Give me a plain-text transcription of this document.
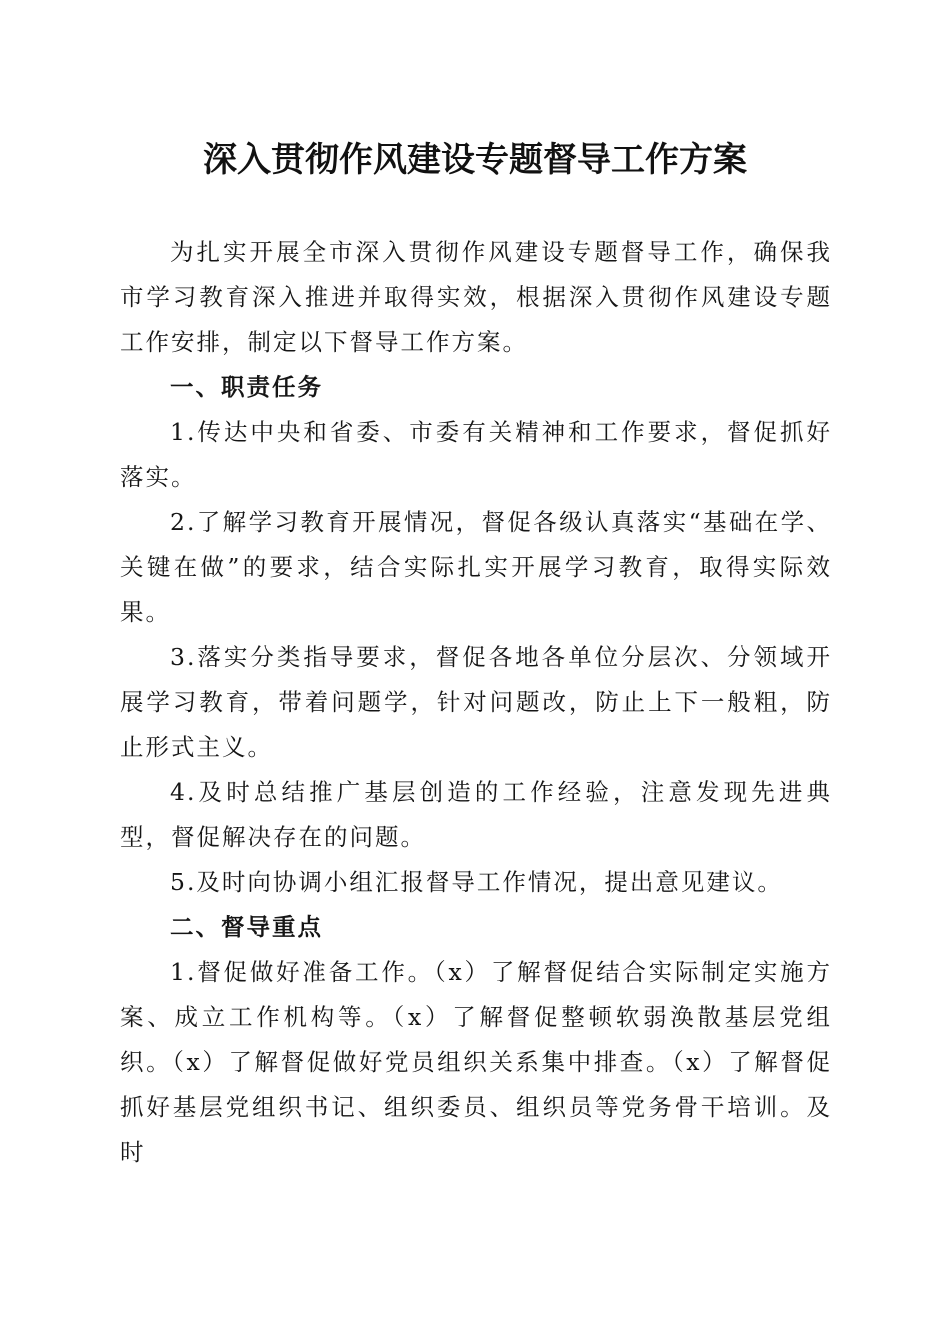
深入贯彻作风建设专题督导工作方案

为扎实开展全市深入贯彻作风建设专题督导工作，确保我市学习教育深入推进并取得实效，根据深入贯彻作风建设专题工作安排，制定以下督导工作方案。

一、职责任务

1.传达中央和省委、市委有关精神和工作要求，督促抓好落实。

2.了解学习教育开展情况，督促各级认真落实“基础在学、关键在做”的要求，结合实际扎实开展学习教育，取得实际效果。

3.落实分类指导要求，督促各地各单位分层次、分领域开展学习教育，带着问题学，针对问题改，防止上下一般粗，防止形式主义。

4.及时总结推广基层创造的工作经验，注意发现先进典型，督促解决存在的问题。

5.及时向协调小组汇报督导工作情况，提出意见建议。

二、督导重点

1.督促做好准备工作。（x）了解督促结合实际制定实施方案、成立工作机构等。（x）了解督促整顿软弱涣散基层党组织。（x）了解督促做好党员组织关系集中排查。（x）了解督促抓好基层党组织书记、组织委员、组织员等党务骨干培训。及时
